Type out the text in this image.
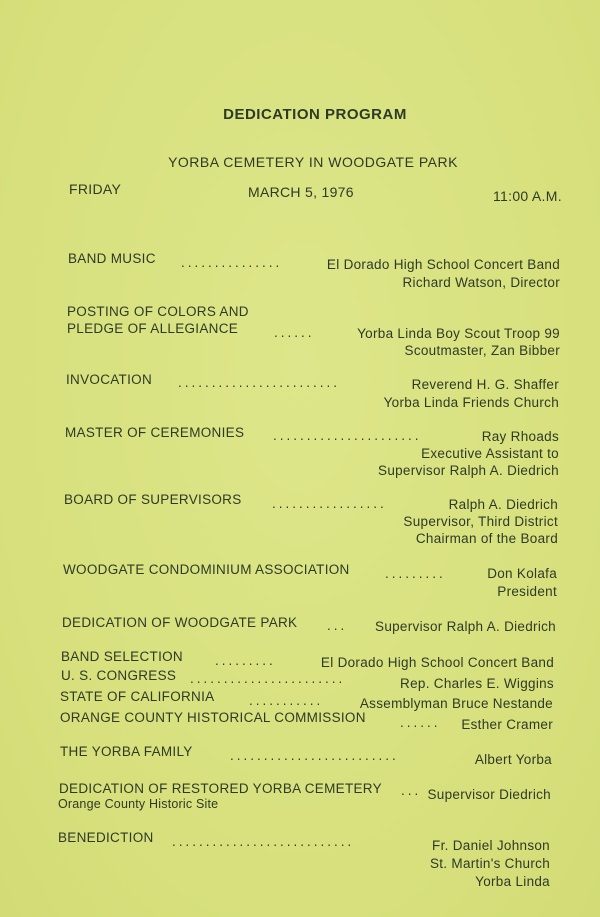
DEDICATION PROGRAM
YORBA CEMETERY IN WOODGATE PARK
FRIDAY	MARCH 5, 1976	11:00 A.M.
BAND MUSIC ...............	El Dorado High School Concert Band
Richard Watson, Director
POSTING OF COLORS AND
PLEDGE OF ALLEGIANCE	......	Yorba Linda Boy Scout Troop 99
Scoutmaster, Zan Bibber
INVOCATION ........................	Reverend H. G. Shaffer
Yorba Linda Friends Church
MASTER OF CEREMONIES ......................	Ray Rhoads
Executive Assistant to
Supervisor Ralph A. Diedrich
BOARD OF SUPERVISORS .................	Ralph A. Diedrich
Supervisor, Third District
Chairman of the Board
WOODGATE CONDOMINIUM ASSOCIATION	.........	Don Kolafa
President
DEDICATION OF WOODGATE PARK ... Supervisor Ralph A. Diedrich
BAND SELECTION .........	El Dorado High School Concert Band
U. S. CONGRESS .......................	Rep. Charles E. Wiggins
STATE OF CALIFORNIA	...........	Assemblyman Bruce Nestande
ORANGE COUNTY HISTORICAL COMMISSION	...... Esther Cramer
THE YORBA FAMILY	.........................	Albert Yorba
DEDICATION OF RESTORED YORBA CEMETERY ... Supervisor Diedrich
Orange County Historic Site
BENEDICTION ...........................	Fr. Daniel Johnson
St. Martin's Church
Yorba Linda
